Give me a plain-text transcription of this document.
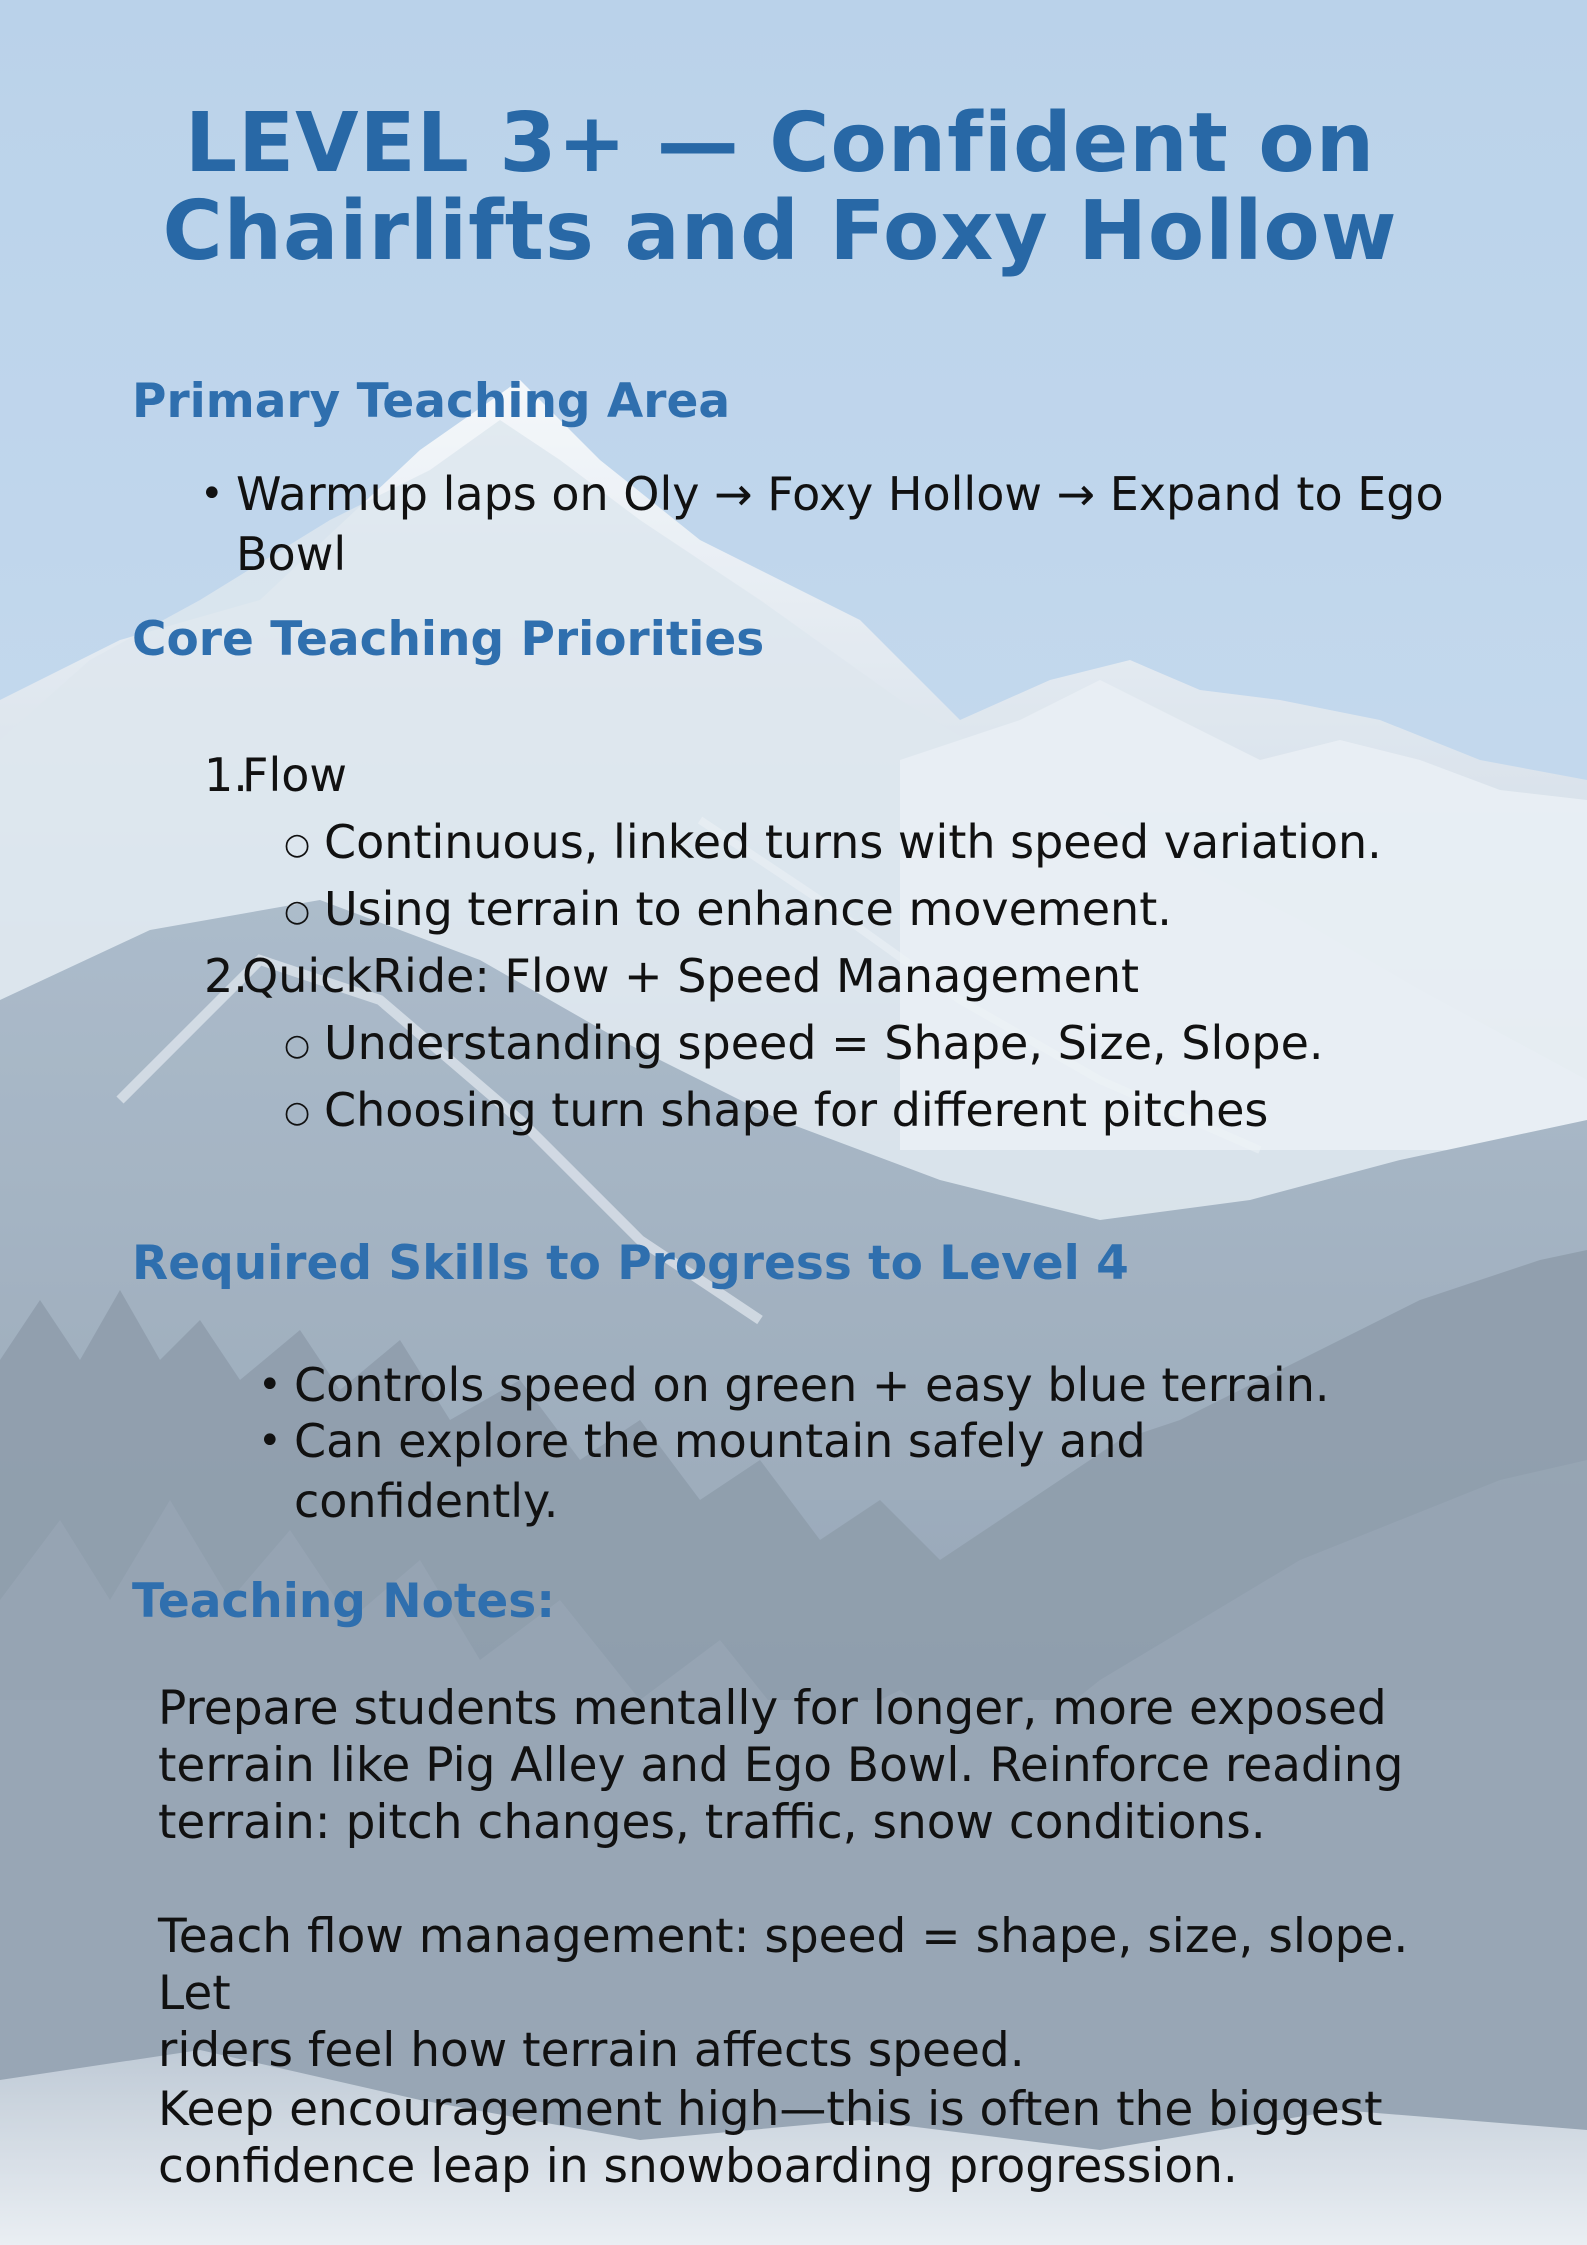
LEVEL 3+ — Confident on
Chairlifts and Foxy Hollow
Primary Teaching Area
• Warmup laps on Oly → Foxy Hollow → Expand to Ego
Bowl
Core Teaching Priorities
1.
Flow
○ Continuous, linked turns with speed variation.
○ Using terrain to enhance movement.
2.
QuickRide: Flow + Speed Management
○ Understanding speed = Shape, Size, Slope.
○ Choosing turn shape for different pitches
Required Skills to Progress to Level 4
• Controls speed on green + easy blue terrain.
• Can explore the mountain safely and
confidently.
Teaching Notes:

Prepare students mentally for longer, more exposed
terrain like Pig Alley and Ego Bowl. Reinforce reading
terrain: pitch changes, traffic, snow conditions.

Teach flow management: speed = shape, size, slope. Let
riders feel how terrain affects speed.

Keep encouragement high—this is often the biggest
confidence leap in snowboarding progression.
